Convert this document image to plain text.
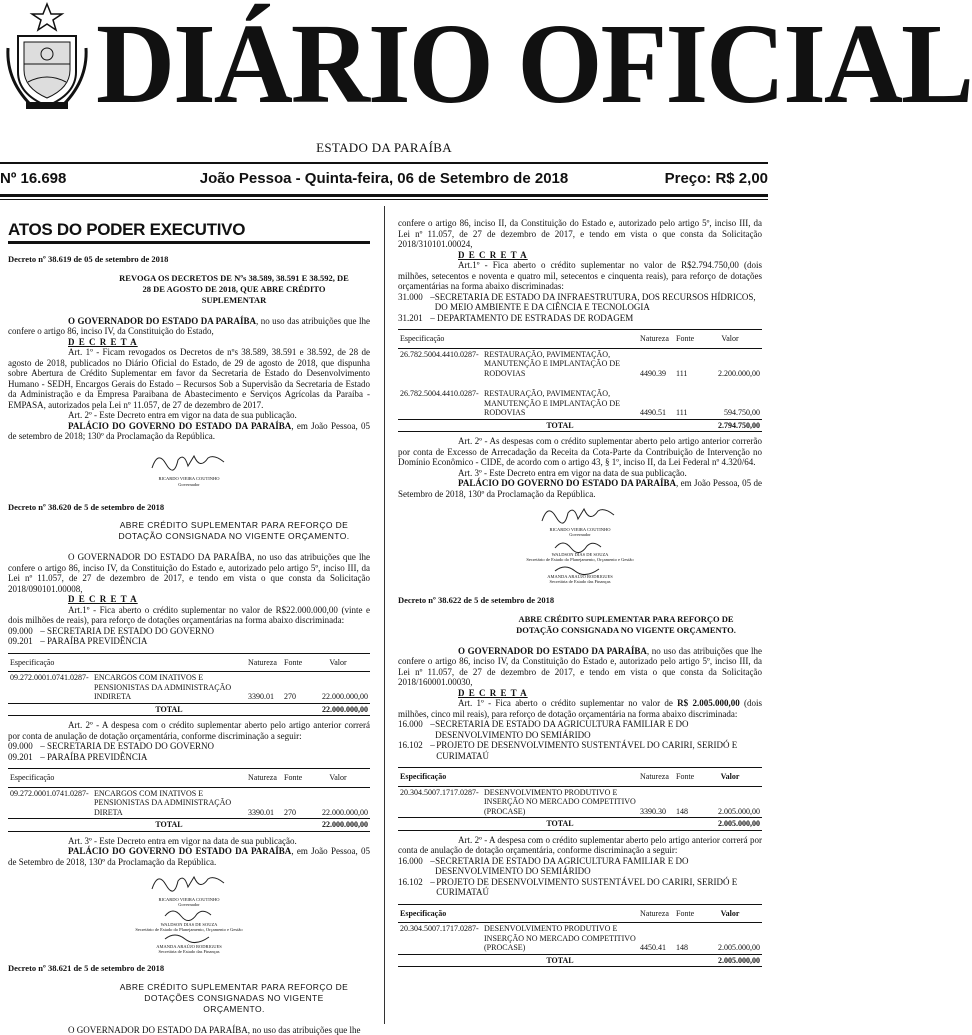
DIÁRIO OFICIAL
ESTADO DA PARAÍBA
Nº 16.698	João Pessoa - Quinta-feira, 06 de Setembro de 2018	Preço: R$ 2,00
ATOS DO PODER EXECUTIVO
Decreto nº 38.619 de 05 de setembro de 2018
REVOGA OS DECRETOS DE Nºs 38.589, 38.591 E 38.592, DE 28 DE AGOSTO DE 2018, QUE ABRE CRÉDITO SUPLEMENTAR

O GOVERNADOR DO ESTADO DA PARAÍBA, no uso das atribuições que lhe confere o artigo 86, inciso IV, da Constituição do Estado,

D E C R E T A

Art. 1º - Ficam revogados os Decretos de nºs 38.589, 38.591 e 38.592, de 28 de agosto de 2018, publicados no Diário Oficial do Estado, de 29 de agosto de 2018, que dispunha sobre Abertura de Crédito Suplementar em favor da Secretaria de Estado do Desenvolvimento Humano - SEDH, Encargos Gerais do Estado – Recursos Sob a Supervisão da Secretaria de Estado da Administração e da Empresa Paraibana de Abastecimento e Serviços Agrícolas da Paraíba - EMPASA, autorizados pela Lei nº 11.057, de 27 de dezembro de 2017.

Art. 2º - Este Decreto entra em vigor na data de sua publicação.

PALÁCIO DO GOVERNO DO ESTADO DA PARAÍBA, em João Pessoa, 05 de setembro de 2018; 130º da Proclamação da República.

RICARDO VIEIRA COUTINHO
Governador
Decreto nº 38.620 de 5 de setembro de 2018
ABRE CRÉDITO SUPLEMENTAR PARA REFORÇO DE DOTAÇÃO CONSIGNADA NO VIGENTE ORÇAMENTO.

O GOVERNADOR DO ESTADO DA PARAÍBA, no uso das atribuições que lhe confere o artigo 86, inciso IV, da Constituição do Estado e, autorizado pelo artigo 5º, inciso III, da Lei nº 11.057, de 27 de dezembro de 2017, e tendo em vista o que consta da Solicitação 2018/090101.00008,

D E C R E T A

Art.1º - Fica aberto o crédito suplementar no valor de R$22.000.000,00 (vinte e dois milhões de reais), para reforço de dotações orçamentárias na forma abaixo discriminada:

09.000 – SECRETARIA DE ESTADO DO GOVERNO
09.201 – PARAÍBA PREVIDÊNCIA
Especificação		Natureza	Fonte	Valor
09.272.0001.0741.0287-	ENCARGOS COM INATIVOS E PENSIONISTAS DA ADMINISTRAÇÃO INDIRETA	3390.01	270	22.000.000,00
	TOTAL			22.000.000,00

Art. 2º - A despesa com o crédito suplementar aberto pelo artigo anterior correrá por conta de anulação de dotação orçamentária, conforme discriminação a seguir:

09.000 – SECRETARIA DE ESTADO DO GOVERNO
09.201 – PARAÍBA PREVIDÊNCIA
Especificação		Natureza	Fonte	Valor
09.272.0001.0741.0287-	ENCARGOS COM INATIVOS E PENSIONISTAS DA ADMINISTRAÇÃO DIRETA	3390.01	270	22.000.000,00
	TOTAL			22.000.000,00

Art. 3º - Este Decreto entra em vigor na data de sua publicação.

PALÁCIO DO GOVERNO DO ESTADO DA PARAÍBA, em João Pessoa, 05 de Setembro de 2018, 130º da Proclamação da República.

RICARDO VIEIRA COUTINHO
Governador
WALDSON DIAS DE SOUZA
Secretário de Estado do Planejamento, Orçamento e Gestão
AMANDA ARAÚJO RODRIGUES
Secretária de Estado das Finanças
Decreto nº 38.621 de 5 de setembro de 2018
ABRE CRÉDITO SUPLEMENTAR PARA REFORÇO DE DOTAÇÕES CONSIGNADAS NO VIGENTE ORÇAMENTO.

O GOVERNADOR DO ESTADO DA PARAÍBA, no uso das atribuições que lhe

confere o artigo 86, inciso II, da Constituição do Estado e, autorizado pelo artigo 5º, inciso III, da Lei nº 11.057, de 27 de dezembro de 2017, e tendo em vista o que consta da Solicitação 2018/310101.00024,

D E C R E T A

Art.1º - Fica aberto o crédito suplementar no valor de R$2.794.750,00 (dois milhões, setecentos e noventa e quatro mil, setecentos e cinquenta reais), para reforço de dotações orçamentárias na forma abaixo discriminadas:

31.000 –
SECRETARIA DE ESTADO DA INFRAESTRUTURA, DOS RECURSOS HÍDRICOS, DO MEIO AMBIENTE E DA CIÊNCIA E TECNOLOGIA
31.201 – DEPARTAMENTO DE ESTRADAS DE RODAGEM
Especificação		Natureza	Fonte	Valor
26.782.5004.4410.0287-	RESTAURAÇÃO, PAVIMENTAÇÃO, MANUTENÇÃO E IMPLANTAÇÃO DE RODOVIAS	4490.39	111	2.200.000,00
26.782.5004.4410.0287-	RESTAURAÇÃO, PAVIMENTAÇÃO, MANUTENÇÃO E IMPLANTAÇÃO DE RODOVIAS	4490.51	111	594.750,00
	TOTAL			2.794.750,00

Art. 2º - As despesas com o crédito suplementar aberto pelo artigo anterior correrão por conta de Excesso de Arrecadação da Receita da Cota-Parte da Contribuição de Intervenção no Domínio Econômico - CIDE, de acordo com o artigo 43, § 1º, inciso II, da Lei Federal nº 4.320/64.

Art. 3º - Este Decreto entra em vigor na data de sua publicação.

PALÁCIO DO GOVERNO DO ESTADO DA PARAÍBA, em João Pessoa, 05 de Setembro de 2018, 130º da Proclamação da República.

RICARDO VIEIRA COUTINHO
Governador
WALDSON DIAS DE SOUZA
Secretário de Estado do Planejamento, Orçamento e Gestão
AMANDA ARAÚJO RODRIGUES
Secretária de Estado das Finanças
Decreto nº 38.622 de 5 de setembro de 2018
ABRE CRÉDITO SUPLEMENTAR PARA REFORÇO DE DOTAÇÃO CONSIGNADA NO VIGENTE ORÇAMENTO.

O GOVERNADOR DO ESTADO DA PARAÍBA, no uso das atribuições que lhe confere o artigo 86, inciso IV, da Constituição do Estado e, autorizado pelo artigo 5º, inciso III, da Lei nº 11.057, de 27 de dezembro de 2017, e tendo em vista o que consta da Solicitação 2018/160001.00030,

D E C R E T A

Art. 1º - Fica aberto o crédito suplementar no valor de R$ 2.005.000,00 (dois milhões, cinco mil reais), para reforço de dotação orçamentária na forma abaixo discriminada:

16.000 –
SECRETARIA DE ESTADO DA AGRICULTURA FAMILIAR E DO DESENVOLVIMENTO DO SEMIÁRIDO
16.102 –
PROJETO DE DESENVOLVIMENTO SUSTENTÁVEL DO CARIRI, SERIDÓ E CURIMATAÚ
Especificação		Natureza	Fonte	Valor
20.304.5007.1717.0287-	DESENVOLVIMENTO PRODUTIVO E INSERÇÃO NO MERCADO COMPETITIVO (PROCASE)	3390.30	148	2.005.000,00
	TOTAL			2.005.000,00

Art. 2º - A despesa com o crédito suplementar aberto pelo artigo anterior correrá por conta de anulação de dotação orçamentária, conforme discriminação a seguir:

16.000 –
SECRETARIA DE ESTADO DA AGRICULTURA FAMILIAR E DO DESENVOLVIMENTO DO SEMIÁRIDO
16.102 –
PROJETO DE DESENVOLVIMENTO SUSTENTÁVEL DO CARIRI, SERIDÓ E CURIMATAÚ
Especificação		Natureza	Fonte	Valor
20.304.5007.1717.0287-	DESENVOLVIMENTO PRODUTIVO E INSERÇÃO NO MERCADO COMPETITIVO (PROCASE)	4450.41	148	2.005.000,00
	TOTAL			2.005.000,00
